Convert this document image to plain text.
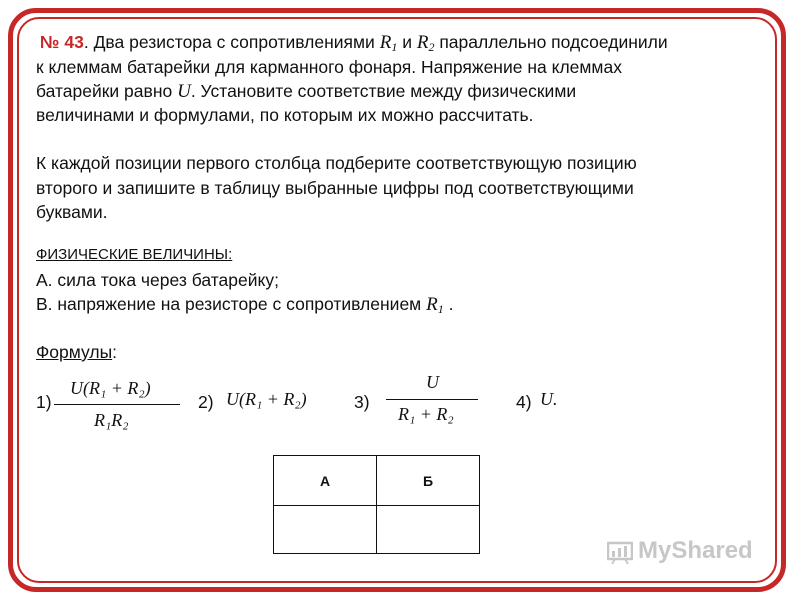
№ 43. Два резистора с сопротивлениями $R_1$ и $R_2$ параллельно подсоединили
к клеммам батарейки для карманного фонаря. Напряжение на клеммах
батарейки равно U. Установите соответствие между физическими
величинами и формулами, по которым их можно рассчитать.
К каждой позиции первого столбца подберите соответствующую позицию
второго и запишите в таблицу выбранные цифры под соответствующими
буквами.
ФИЗИЧЕСКИЕ ВЕЛИЧИНЫ:
А. сила тока через батарейку;
В. напряжение на резисторе с сопротивлением $R_1$ .
Формулы:
1)
U(R₁ + R₂)
R₁R₂
2) U(R₁ + R₂)	3)
U
R₁ + R₂
4) U.
А	Б

MyShared
